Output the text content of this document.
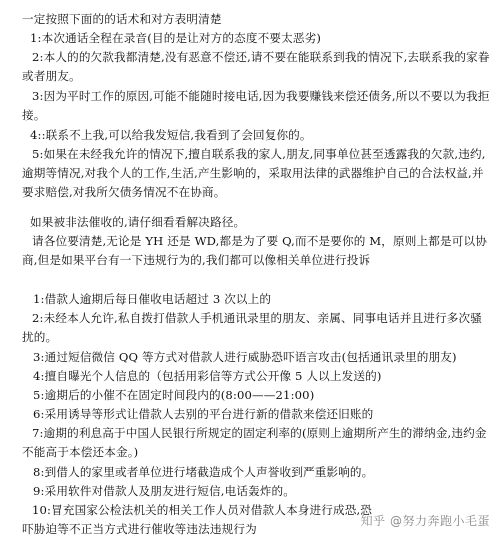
一定按照下面的的话术和对方表明清楚
1:本次通话全程在录音(目的是让对方的态度不要太恶劣)
2:本人的的欠款我都清楚,没有恶意不偿还,请不要在能联系到我的情况下,去联系我的家眷或者朋友。
3:因为平时工作的原因,可能不能随时接电话,因为我要赚钱来偿还债务,所以不要以为我拒接。
4::联系不上我,可以给我发短信,我看到了会回复你的。
5:如果在未经我允许的情况下,擅自联系我的家人,朋友,同事单位甚至透露我的欠款,违约,逾期等情况,对我个人的工作,生活,产生影响的，采取用法律的武器维护自己的合法权益,并要求赔偿,对我所欠债务情况不在协商。
如果被非法催收的,请仔细看看解决路径。
请各位要清楚,无论是 YH 还是 WD,都是为了要 Q,而不是要你的 M，原则上都是可以协商,但是如果平台有一下违规行为的,我们都可以像相关单位进行投诉
1:借款人逾期后每日催收电话超过 3 次以上的
2:未经本人允许,私自拨打借款人手机通讯录里的朋友、亲属、同事电话并且进行多次骚扰的。
3:通过短信微信 QQ 等方式对借款人进行威胁恐吓语言攻击(包括通讯录里的朋友)
4:擅自曝光个人信息的（包括用彩信等方式公开像 5 人以上发送的)
5:逾期后的小催不在固定时间段内的(8:00——21:00)
6:采用诱导等形式让借款人去别的平台进行新的借款来偿还旧账的
7:逾期的利息高于中国人民银行所规定的固定利率的(原则上逾期所产生的滞纳金,违约金不能高于本偿还本金。)
8:到借人的家里或者单位进行堵截造成个人声誉收到严重影响的。
9:采用软件对借款人及朋友进行短信,电话轰炸的。
10:冒充国家公检法机关的相关工作人员对借款人本身进行成恐,恐吓胁迫等不正当方式进行催收等违法违规行为
知乎 @努力奔跑小毛蛋
